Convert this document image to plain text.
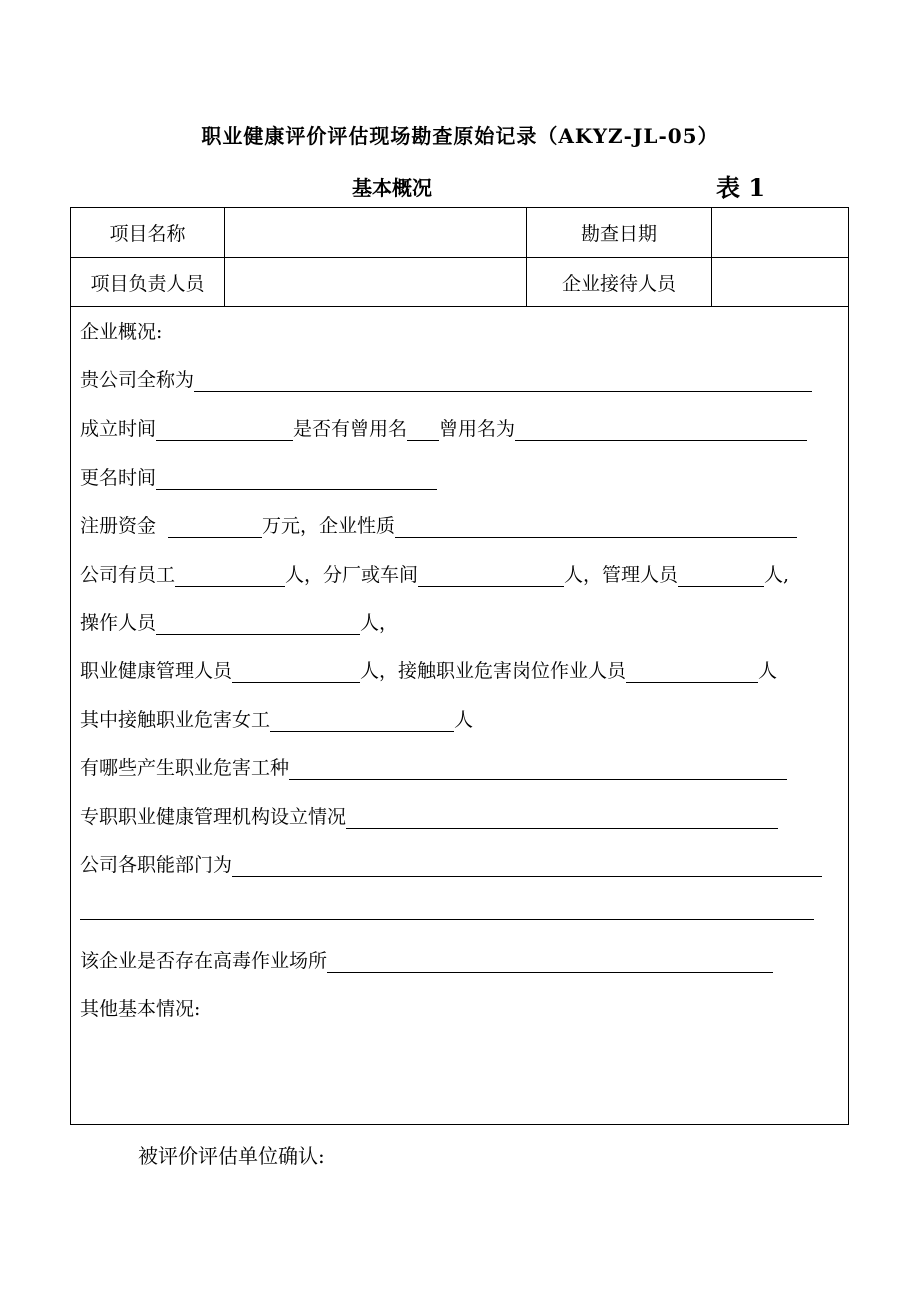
职业健康评价评估现场勘查原始记录（AKYZ-JL-05）
基本概况	表 1
项目名称	勘查日期
项目负责人员	企业接待人员
企业概况:
贵公司全称为
成立时间	是否有曾用名 曾用名为
更名时间
注册资金	万元，企业性质
公司有员工	人，分厂或车间	人，管理人员	人,
操作人员	人，
职业健康管理人员	人，接触职业危害岗位作业人员	人
其中接触职业危害女工	人
有哪些产生职业危害工种
专职职业健康管理机构设立情况
公司各职能部门为
该企业是否存在高毒作业场所
其他基本情况:
被评价评估单位确认:
